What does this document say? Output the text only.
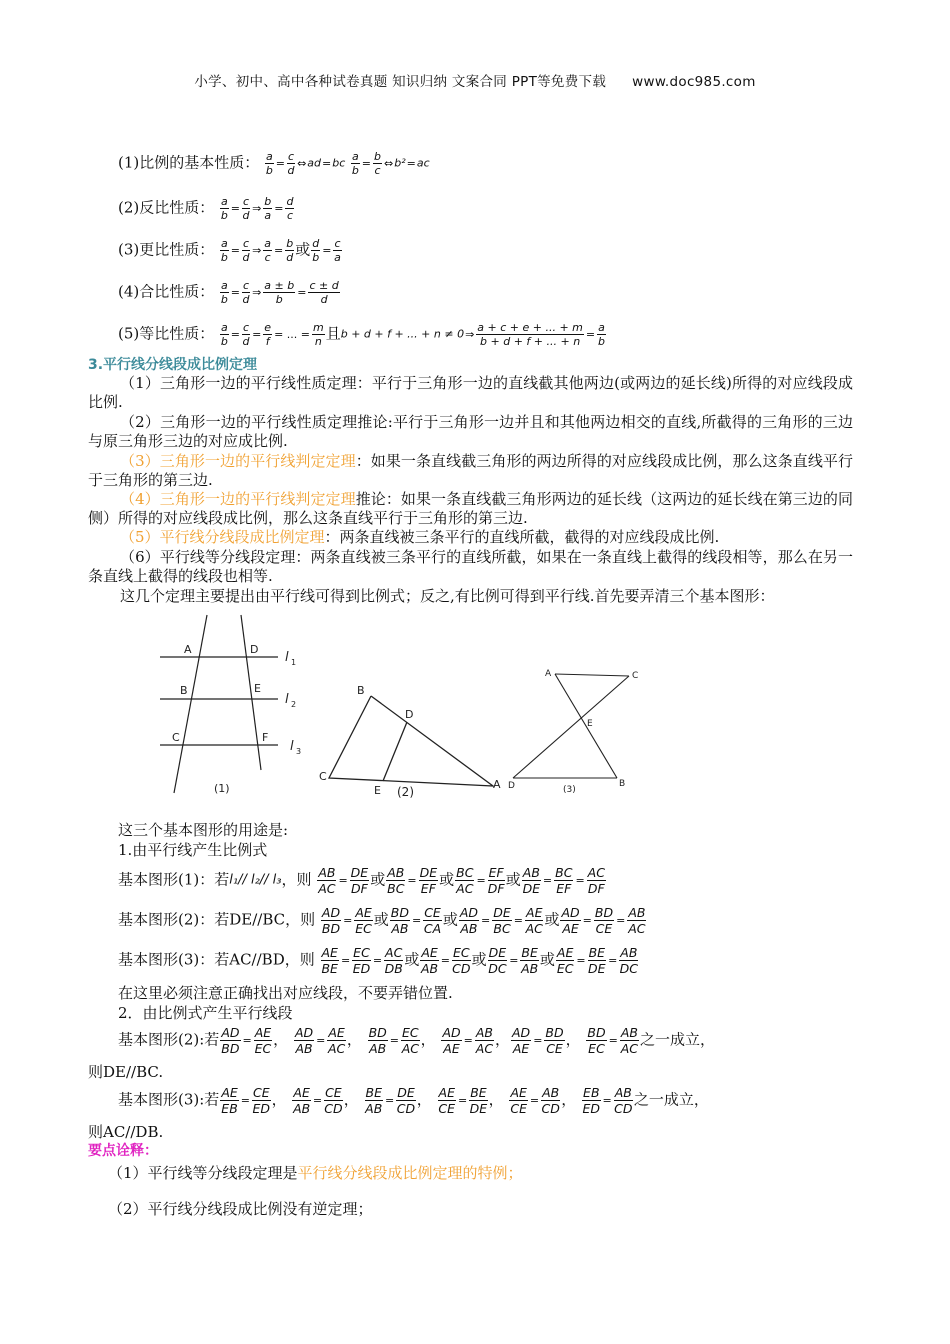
小学、初中、高中各种试卷真题 知识归纳 文案合同 PPT等免费下载 www.doc985.com
(1)比例的基本性质： $\frac{a}{b} = \frac{c}{d}$ ⇔ad=bc $\frac{a}{b} = \frac{b}{c}$ ⇔b²=ac
(2)反比性质： $\frac{a}{b} = \frac{c}{d}$ ⇒ $\frac{b}{a} = \frac{d}{c}$
(3)更比性质： $\frac{a}{b} = \frac{c}{d}$ ⇒ $\frac{a}{c} = \frac{b}{d}$ 或 $\frac{d}{b} = \frac{c}{a}$
(4)合比性质： $\frac{a}{b} = \frac{c}{d}$ ⇒ $\frac{a \pm b}{b} = \frac{c \pm d}{d}$
(5)等比性质： $\frac{a}{b} = \frac{c}{d} = \frac{e}{f}$ = ... = $\frac{m}{n}$ 且b + d + f + ... + n ≠ 0⇒ $\frac{a + c + e + ... + m}{b + d + f + ... + n} = \frac{a}{b}$
3.平行线分线段成比例定理
（1）三角形一边的平行线性质定理：平行于三角形一边的直线截其他两边(或两边的延长线)所得的对应线段成比例.
（2）三角形一边的平行线性质定理推论:平行于三角形一边并且和其他两边相交的直线,所截得的三角形的三边与原三角形三边的对应成比例.
（3）三角形一边的平行线判定定理：如果一条直线截三角形的两边所得的对应线段成比例，那么这条直线平行于三角形的第三边.
（4）三角形一边的平行线判定定理推论：如果一条直线截三角形两边的延长线（这两边的延长线在第三边的同侧）所得的对应线段成比例，那么这条直线平行于三角形的第三边.
（5）平行线分线段成比例定理：两条直线被三条平行的直线所截，截得的对应线段成比例.
（6）平行线等分线段定理：两条直线被三条平行的直线所截，如果在一条直线上截得的线段相等，那么在另一条直线上截得的线段也相等.
这几个定理主要提出由平行线可得到比例式；反之,有比例可得到平行线.首先要弄清三个基本图形：
A	D
B	E
C	F
l 1
l 2
l 3
(1)
B
D
C
E	A
(2)
A	C
E
D	B
(3)
这三个基本图形的用途是:
1.由平行线产生比例式
基本图形(1)：若l₁// l₂// l₃，则 $\frac{AB}{AC} = \frac{DE}{DF}$ 或 $\frac{AB}{BC} = \frac{DE}{EF}$ 或 $\frac{BC}{AC} = \frac{EF}{DF}$ 或 $\frac{AB}{DE} = \frac{BC}{EF} = \frac{AC}{DF}$
基本图形(2)：若DE//BC，则 $\frac{AD}{BD} = \frac{AE}{EC}$ 或 $\frac{BD}{AB} = \frac{CE}{CA}$ 或 $\frac{AD}{AB} = \frac{DE}{BC} = \frac{AE}{AC}$ 或 $\frac{AD}{AE} = \frac{BD}{CE} = \frac{AB}{AC}$
基本图形(3)：若AC//BD，则 $\frac{AE}{BE} = \frac{EC}{ED} = \frac{AC}{DB}$ 或 $\frac{AE}{AB} = \frac{EC}{CD}$ 或 $\frac{DE}{DC} = \frac{BE}{AB}$ 或 $\frac{AE}{EC} = \frac{BE}{DE} = \frac{AB}{DC}$
在这里必须注意正确找出对应线段，不要弄错位置.
2．由比例式产生平行线段
基本图形(2):若 $\frac{AD}{BD} = \frac{AE}{EC}$ ， $\frac{AD}{AB} = \frac{AE}{AC}$ ， $\frac{BD}{AB} = \frac{EC}{AC}$ ， $\frac{AD}{AE} = \frac{AB}{AC}$ ， $\frac{AD}{AE} = \frac{BD}{CE}$ ， $\frac{BD}{EC} = \frac{AB}{AC}$ 之一成立，
则DE//BC.
基本图形(3):若 $\frac{AE}{EB} = \frac{CE}{ED}$ ， $\frac{AE}{AB} = \frac{CE}{CD}$ ， $\frac{BE}{AB} = \frac{DE}{CD}$ ， $\frac{AE}{CE} = \frac{BE}{DE}$ ， $\frac{AE}{CE} = \frac{AB}{CD}$ ， $\frac{EB}{ED} = \frac{AB}{CD}$ 之一成立，
则AC//DB.
要点诠释：
（1）平行线等分线段定理是平行线分线段成比例定理的特例；
（2）平行线分线段成比例没有逆定理；
